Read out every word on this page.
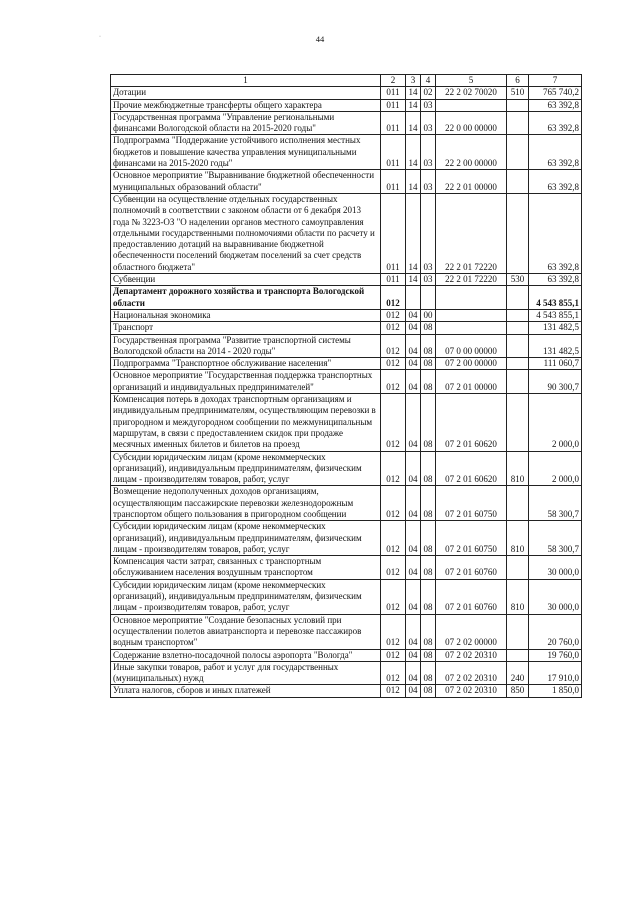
·	44
1	2	3	4	5	6	7
Дотации	011	14	02	22 2 02 70020	510	765 740,2
Прочие межбюджетные трансферты общего характера	011	14	03			63 392,8
Государственная программа "Управление региональными финансами Вологодской области на 2015-2020 годы"	011	14	03	22 0 00 00000		63 392,8
Подпрограмма "Поддержание устойчивого исполнения местных бюджетов и повышение качества управления муниципальными финансами на 2015-2020 годы"	011	14	03	22 2 00 00000		63 392,8
Основное мероприятие "Выравнивание бюджетной обеспеченности муниципальных образований области"	011	14	03	22 2 01 00000		63 392,8
Субвенции на осуществление отдельных государственных полномочий в соответствии с законом области от 6 декабря 2013 года № 3223-ОЗ "О наделении органов местного самоуправления отдельными государственными полномочиями области по расчету и предоставлению дотаций на выравнивание бюджетной обеспеченности поселений бюджетам поселений за счет средств областного бюджета"	011	14	03	22 2 01 72220		63 392,8
Субвенции	011	14	03	22 2 01 72220	530	63 392,8
Департамент дорожного хозяйства и транспорта Вологодской области	012					4 543 855,1
Национальная экономика	012	04	00			4 543 855,1
Транспорт	012	04	08			131 482,5
Государственная программа "Развитие транспортной системы Вологодской области на 2014 - 2020 годы"	012	04	08	07 0 00 00000		131 482,5
Подпрограмма "Транспортное обслуживание населения"	012	04	08	07 2 00 00000		111 060,7
Основное мероприятие "Государственная поддержка транспортных организаций и индивидуальных предпринимателей"	012	04	08	07 2 01 00000		90 300,7
Компенсация потерь в доходах транспортным организациям и индивидуальным предпринимателям, осуществляющим перевозки в пригородном и междугородном сообщении по межмуниципальным маршрутам, в связи с предоставлением скидок при продаже месячных именных билетов и билетов на проезд	012	04	08	07 2 01 60620		2 000,0
Субсидии юридическим лицам (кроме некоммерческих организаций), индивидуальным предпринимателям, физическим лицам - производителям товаров, работ, услуг	012	04	08	07 2 01 60620	810	2 000,0
Возмещение недополученных доходов организациям, осуществляющим пассажирские перевозки железнодорожным транспортом общего пользования в пригородном сообщении	012	04	08	07 2 01 60750		58 300,7
Субсидии юридическим лицам (кроме некоммерческих организаций), индивидуальным предпринимателям, физическим лицам - производителям товаров, работ, услуг	012	04	08	07 2 01 60750	810	58 300,7
Компенсация части затрат, связанных с транспортным обслуживанием населения воздушным транспортом	012	04	08	07 2 01 60760		30 000,0
Субсидии юридическим лицам (кроме некоммерческих организаций), индивидуальным предпринимателям, физическим лицам - производителям товаров, работ, услуг	012	04	08	07 2 01 60760	810	30 000,0
Основное мероприятие "Создание безопасных условий при осуществлении полетов авиатранспорта и перевозке пассажиров водным транспортом"	012	04	08	07 2 02 00000		20 760,0
Содержание взлетно-посадочной полосы аэропорта "Вологда"	012	04	08	07 2 02 20310		19 760,0
Иные закупки товаров, работ и услуг для государственных (муниципальных) нужд	012	04	08	07 2 02 20310	240	17 910,0
Уплата налогов, сборов и иных платежей	012	04	08	07 2 02 20310	850	1 850,0
